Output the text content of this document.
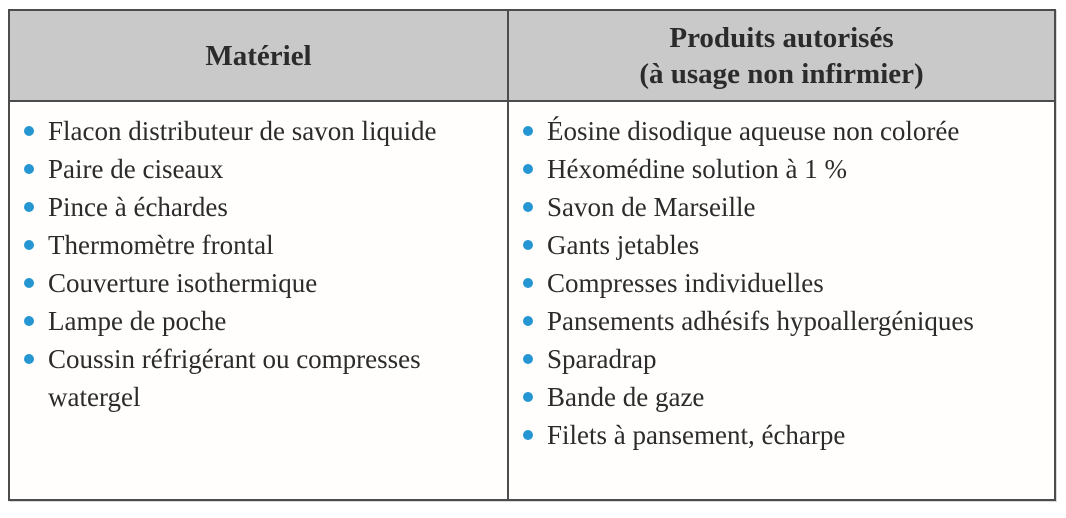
Matériel
Produits autorisés
(à usage non infirmier)
Flacon distributeur de savon liquide
Paire de ciseaux
Pince à échardes
Thermomètre frontal
Couverture isothermique
Lampe de poche
Coussin réfrigérant ou compresses watergel
Éosine disodique aqueuse non colorée
Héxomédine solution à 1 %
Savon de Marseille
Gants jetables
Compresses individuelles
Pansements adhésifs hypoallergéniques
Sparadrap
Bande de gaze
Filets à pansement, écharpe
